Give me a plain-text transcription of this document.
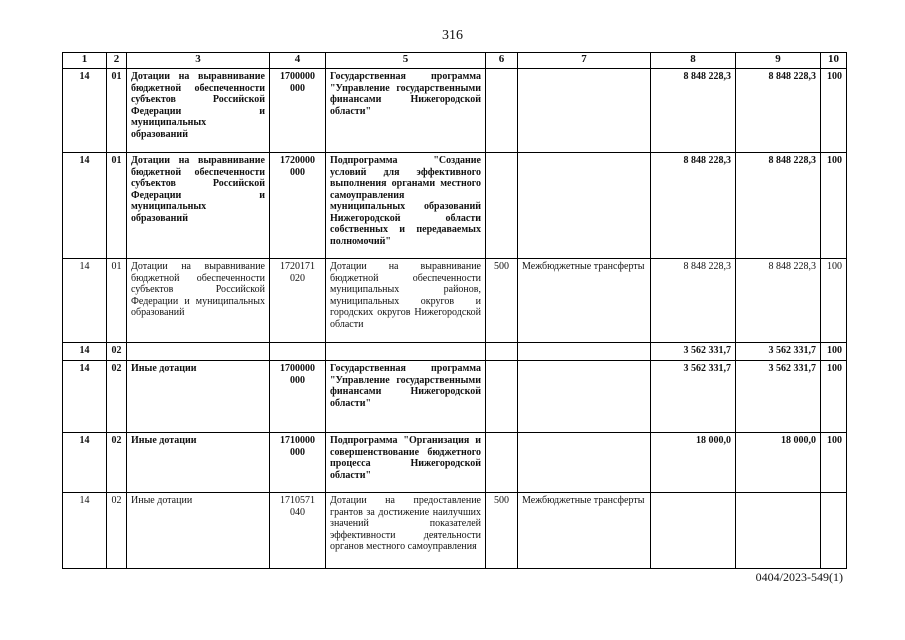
316
1	2	3	4	5	6	7	8	9	10
14	01	Дотации на выравнивание бюджетной обеспеченности субъектов Российской Федерации и муниципальных образований	1700000 000	Государственная программа "Управление государственными финансами Нижегородской области"			8 848 228,3	8 848 228,3	100
14	01	Дотации на выравнивание бюджетной обеспеченности субъектов Российской Федерации и муниципальных образований	1720000 000	Подпрограмма "Создание условий для эффективного выполнения органами местного самоуправления муниципальных образований Нижегородской области собственных и передаваемых полномочий"			8 848 228,3	8 848 228,3	100
14	01	Дотации на выравнивание бюджетной обеспеченности субъектов Российской Федерации и муниципальных образований	1720171 020	Дотации на выравнивание бюджетной обеспеченности муниципальных районов, муниципальных округов и городских округов Нижегородской области	500	Межбюджетные трансферты	8 848 228,3	8 848 228,3	100
14	02						3 562 331,7	3 562 331,7	100
14	02	Иные дотации	1700000 000	Государственная программа "Управление государственными финансами Нижегородской области"			3 562 331,7	3 562 331,7	100
14	02	Иные дотации	1710000 000	Подпрограмма "Организация и совершенствование бюджетного процесса Нижегородской области"			18 000,0	18 000,0	100
14	02	Иные дотации	1710571 040	Дотации на предоставление грантов за достижение наилучших значений показателей эффективности деятельности органов местного самоуправления	500	Межбюджетные трансферты			
0404/2023-549(1)
